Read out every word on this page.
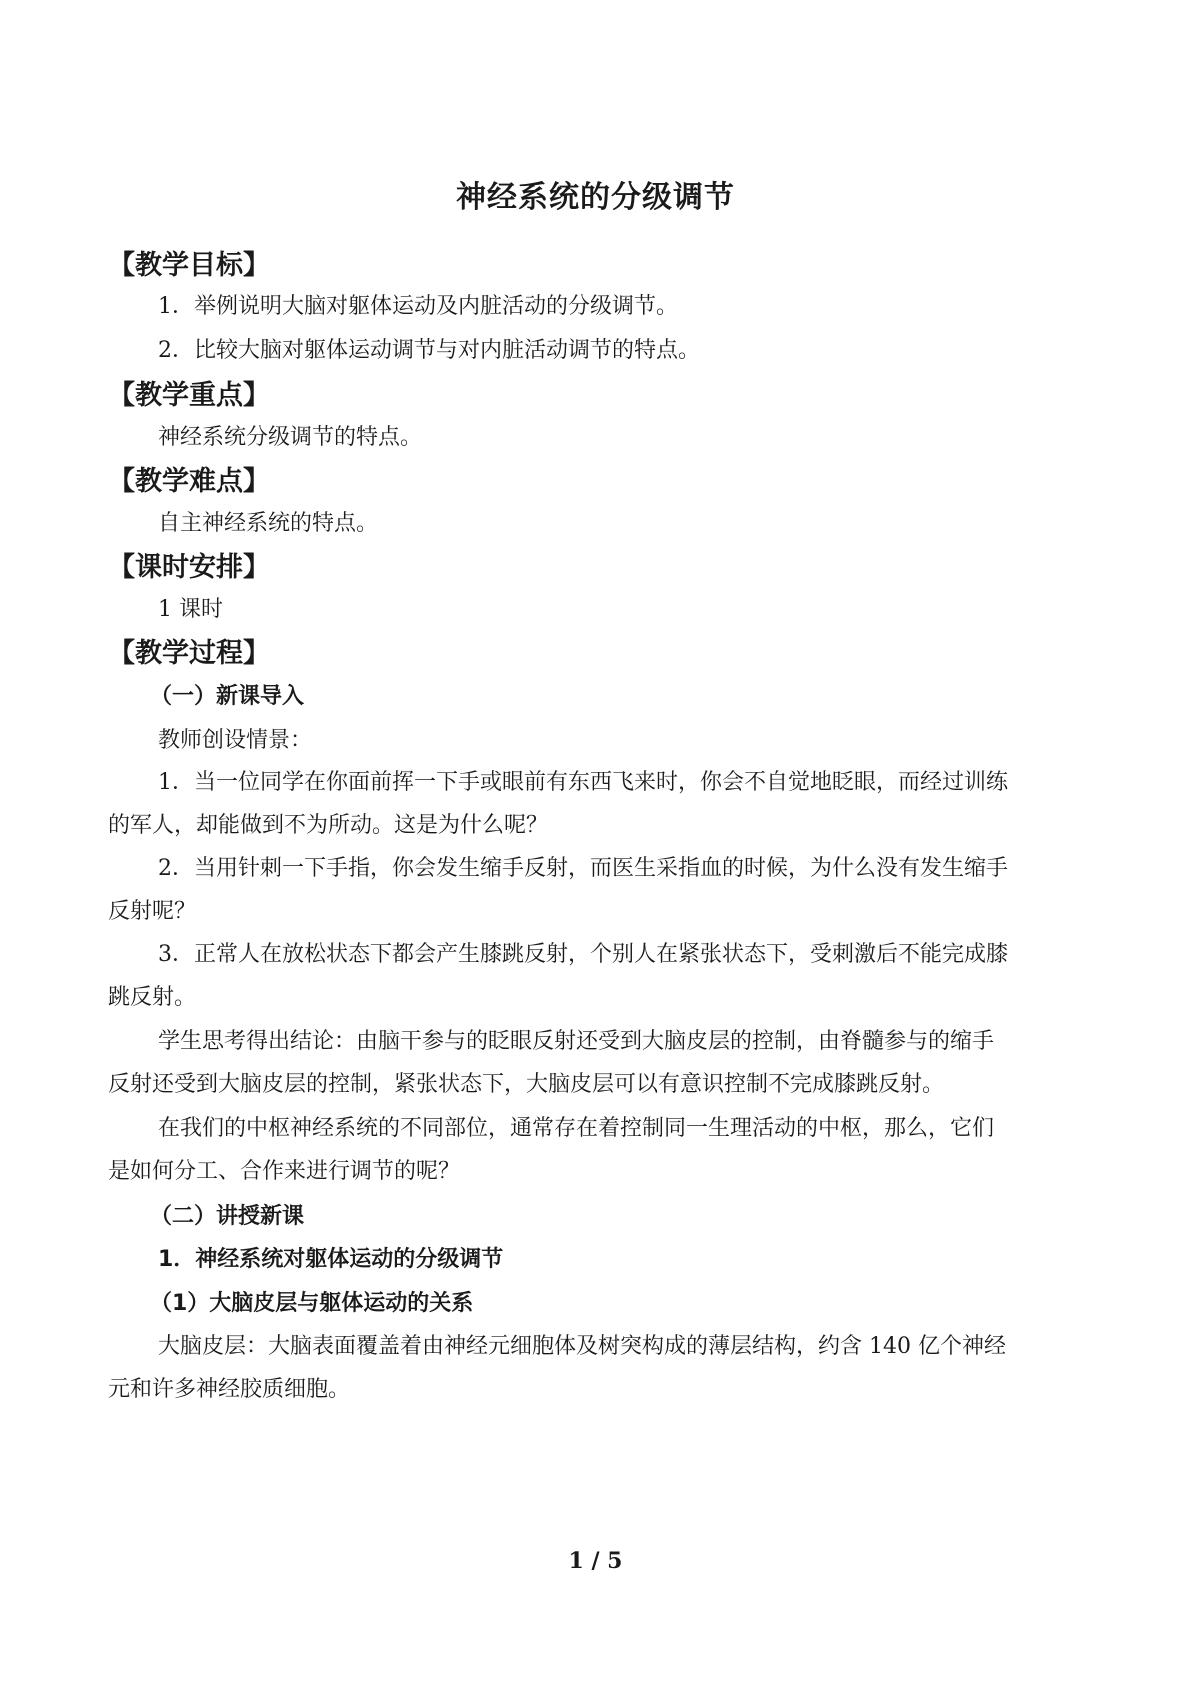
神经系统的分级调节
【教学目标】
1．举例说明大脑对躯体运动及内脏活动的分级调节。
2．比较大脑对躯体运动调节与对内脏活动调节的特点。
【教学重点】
神经系统分级调节的特点。
【教学难点】
自主神经系统的特点。
【课时安排】
1 课时
【教学过程】
（一）新课导入
教师创设情景：
1．当一位同学在你面前挥一下手或眼前有东西飞来时，你会不自觉地眨眼，而经过训练
的军人，却能做到不为所动。这是为什么呢？
2．当用针刺一下手指，你会发生缩手反射，而医生采指血的时候，为什么没有发生缩手
反射呢？
3．正常人在放松状态下都会产生膝跳反射，个别人在紧张状态下，受刺激后不能完成膝
跳反射。
学生思考得出结论：由脑干参与的眨眼反射还受到大脑皮层的控制，由脊髓参与的缩手
反射还受到大脑皮层的控制，紧张状态下，大脑皮层可以有意识控制不完成膝跳反射。
在我们的中枢神经系统的不同部位，通常存在着控制同一生理活动的中枢，那么，它们
是如何分工、合作来进行调节的呢？
（二）讲授新课
1．神经系统对躯体运动的分级调节
（1）大脑皮层与躯体运动的关系
大脑皮层：大脑表面覆盖着由神经元细胞体及树突构成的薄层结构，约含 140 亿个神经
元和许多神经胶质细胞。
1 / 5
